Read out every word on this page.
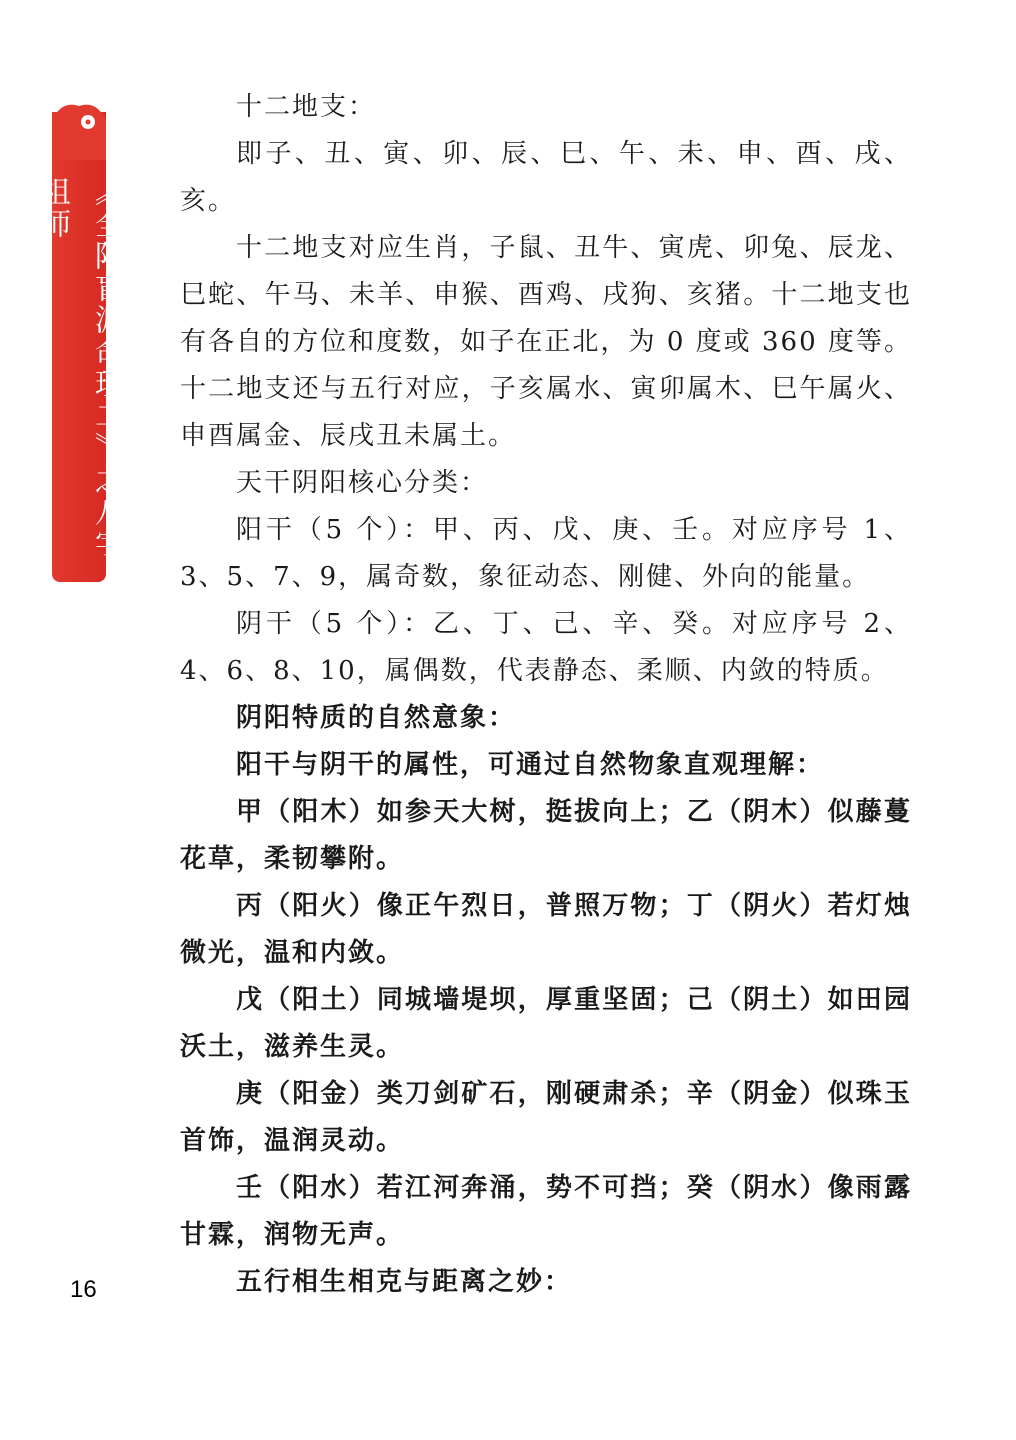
《全阳盲派命理二》之八字祖师

十二地支：

即子、丑、寅、卯、辰、巳、午、未、申、酉、戌、亥。

十二地支对应生肖，子鼠、丑牛、寅虎、卯兔、辰龙、巳蛇、午马、未羊、申猴、酉鸡、戌狗、亥猪。十二地支也有各自的方位和度数，如子在正北，为 0 度或 360 度等。十二地支还与五行对应，子亥属水、寅卯属木、巳午属火、申酉属金、辰戌丑未属土。

天干阴阳核心分类：

阳干（5 个）：甲、丙、戊、庚、壬。对应序号 1、3、5、7、9，属奇数，象征动态、刚健、外向的能量。

阴干（5 个）：乙、丁、己、辛、癸。对应序号 2、4、6、8、10，属偶数，代表静态、柔顺、内敛的特质。

阴阳特质的自然意象：

阳干与阴干的属性，可通过自然物象直观理解：

甲（阳木）如参天大树，挺拔向上；乙（阴木）似藤蔓花草，柔韧攀附。

丙（阳火）像正午烈日，普照万物；丁（阴火）若灯烛微光，温和内敛。

戊（阳土）同城墙堤坝，厚重坚固；己（阴土）如田园沃土，滋养生灵。

庚（阳金）类刀剑矿石，刚硬肃杀；辛（阴金）似珠玉首饰，温润灵动。

壬（阳水）若江河奔涌，势不可挡；癸（阴水）像雨露甘霖，润物无声。

五行相生相克与距离之妙：

16
